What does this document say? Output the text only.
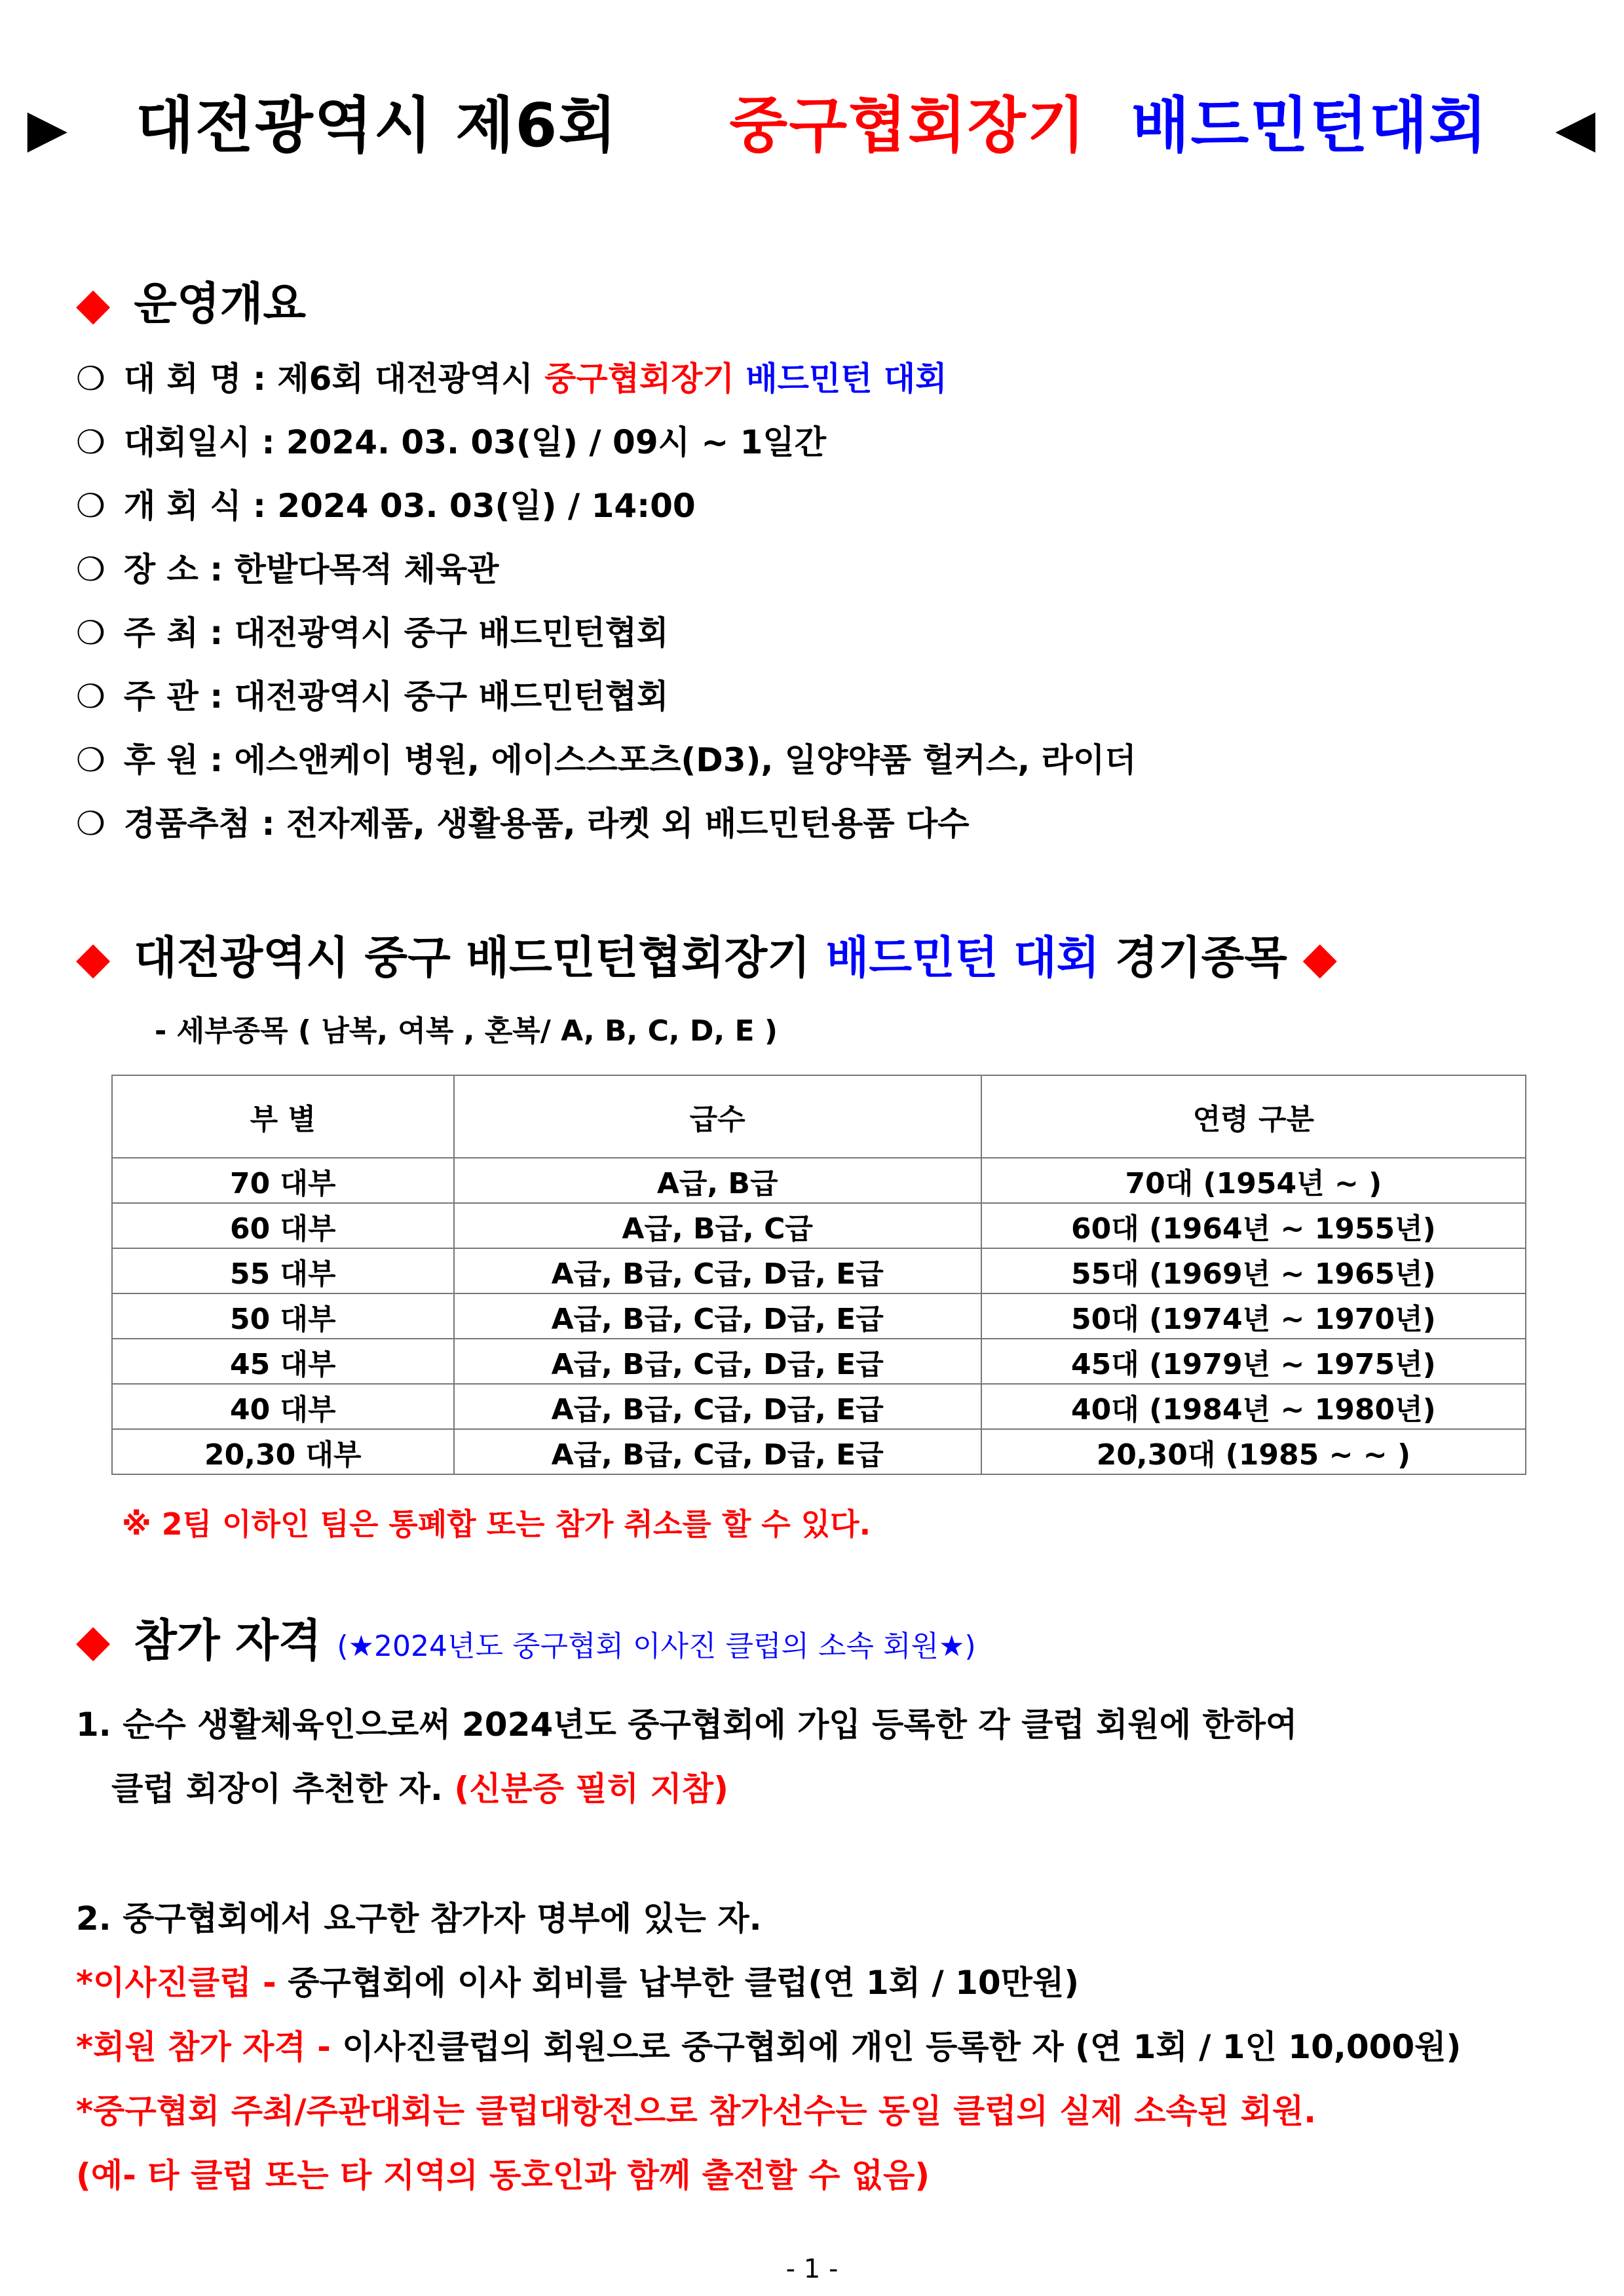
▶ 대전광역시 제6회 중구협회장기 배드민턴대회 ◀
◆ 운영개요
❍ 대 회 명 : 제6회 대전광역시 중구협회장기 배드민턴 대회
❍ 대회일시 : 2024. 03. 03(일) / 09시 ~ 1일간
❍ 개 회 식 : 2024 03. 03(일) / 14:00
❍ 장 소 : 한밭다목적 체육관
❍ 주 최 : 대전광역시 중구 배드민턴협회
❍ 주 관 : 대전광역시 중구 배드민턴협회
❍ 후 원 : 에스앤케이 병원, 에이스스포츠(D3), 일양약품 헐커스, 라이더
❍ 경품추첨 : 전자제품, 생활용품, 라켓 외 배드민턴용품 다수
◆ 대전광역시 중구 배드민턴협회장기 배드민턴 대회 경기종목 ◆
- 세부종목 ( 남복, 여복 , 혼복/ A, B, C, D, E )
부 별	급수	연령 구분
70 대부	A급, B급	70대 (1954년 ~ )
60 대부	A급, B급, C급	60대 (1964년 ~ 1955년)
55 대부	A급, B급, C급, D급, E급	55대 (1969년 ~ 1965년)
50 대부	A급, B급, C급, D급, E급	50대 (1974년 ~ 1970년)
45 대부	A급, B급, C급, D급, E급	45대 (1979년 ~ 1975년)
40 대부	A급, B급, C급, D급, E급	40대 (1984년 ~ 1980년)
20,30 대부	A급, B급, C급, D급, E급	20,30대 (1985 ~ ~ )
※ 2팀 이하인 팀은 통폐합 또는 참가 취소를 할 수 있다.
◆ 참가 자격 (★2024년도 중구협회 이사진 클럽의 소속 회원★)
1. 순수 생활체육인으로써 2024년도 중구협회에 가입 등록한 각 클럽 회원에 한하여
클럽 회장이 추천한 자. (신분증 필히 지참)
2. 중구협회에서 요구한 참가자 명부에 있는 자.
*이사진클럽 - 중구협회에 이사 회비를 납부한 클럽(연 1회 / 10만원)
*회원 참가 자격 - 이사진클럽의 회원으로 중구협회에 개인 등록한 자 (연 1회 / 1인 10,000원)
*중구협회 주최/주관대회는 클럽대항전으로 참가선수는 동일 클럽의 실제 소속된 회원.
(예- 타 클럽 또는 타 지역의 동호인과 함께 출전할 수 없음)
- 1 -
